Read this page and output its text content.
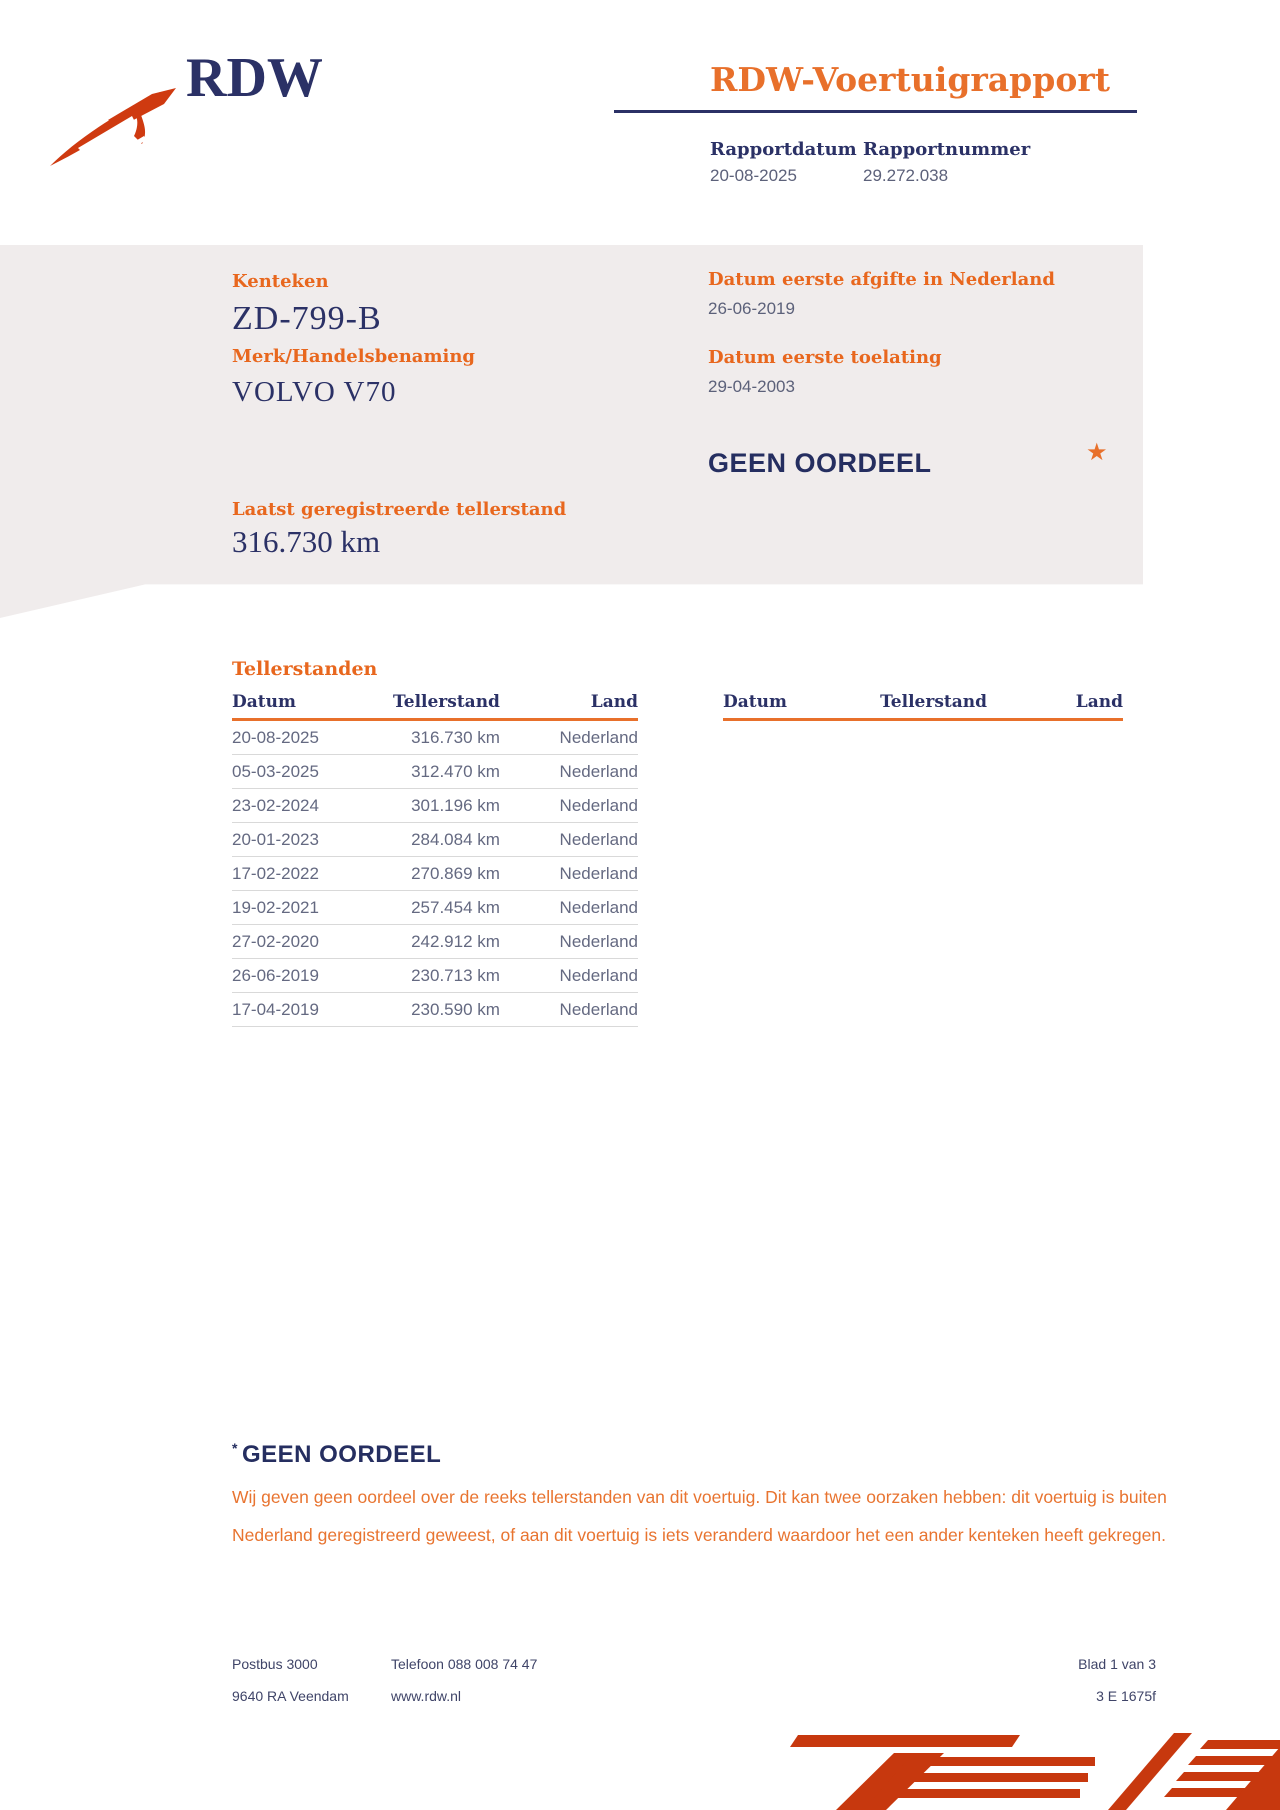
RDW	RDW-Voertuigrapport
Rapportdatum
20-08-2025
Rapportnummer
29.272.038
Kenteken
ZD-799-B
Merk/Handelsbenaming
VOLVO V70
Datum eerste afgifte in Nederland
26-06-2019
Datum eerste toelating
29-04-2003
GEEN OORDEEL	★
Laatst geregistreerde tellerstand
316.730 km
Tellerstanden
Datum	Tellerstand	Land
20-08-2025	316.730 km	Nederland
05-03-2025	312.470 km	Nederland
23-02-2024	301.196 km	Nederland
20-01-2023	284.084 km	Nederland
17-02-2022	270.869 km	Nederland
19-02-2021	257.454 km	Nederland
27-02-2020	242.912 km	Nederland
26-06-2019	230.713 km	Nederland
17-04-2019	230.590 km	Nederland
Datum	Tellerstand	Land
* GEEN OORDEEL
Wij geven geen oordeel over de reeks tellerstanden van dit voertuig. Dit kan twee oorzaken hebben: dit voertuig is buiten Nederland geregistreerd geweest, of aan dit voertuig is iets veranderd waardoor het een ander kenteken heeft gekregen.
Postbus 3000
9640 RA Veendam
Telefoon 088 008 74 47
www.rdw.nl
Blad 1 van 3
3 E 1675f
